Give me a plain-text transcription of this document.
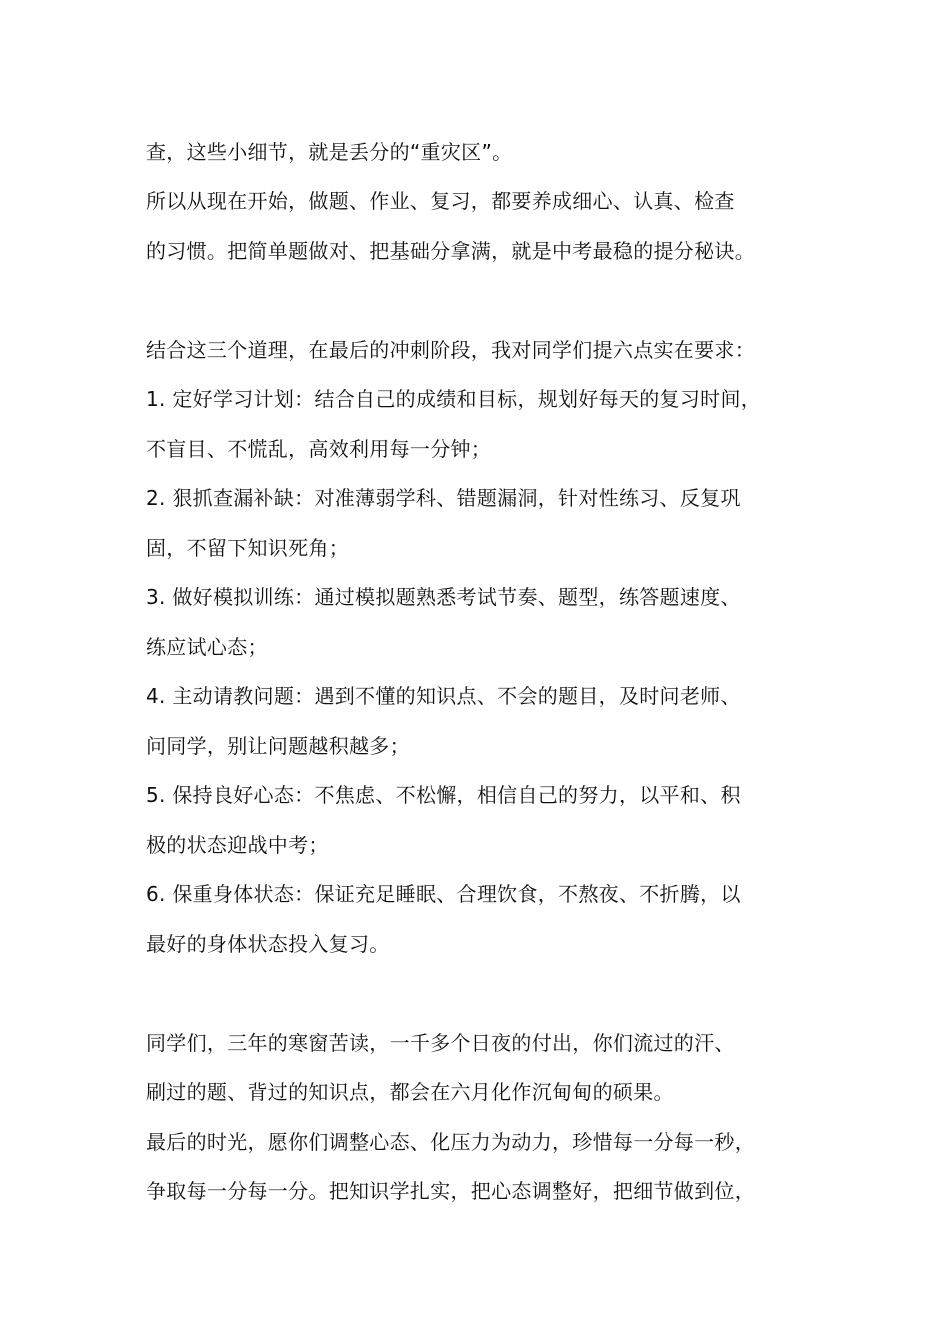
查，这些小细节，就是丢分的“重灾区”。
所以从现在开始，做题、作业、复习，都要养成细心、认真、检查
的习惯。把简单题做对、把基础分拿满，就是中考最稳的提分秘诀。
结合这三个道理，在最后的冲刺阶段，我对同学们提六点实在要求：
1. 定好学习计划：结合自己的成绩和目标，规划好每天的复习时间，
不盲目、不慌乱，高效利用每一分钟；
2. 狠抓查漏补缺：对准薄弱学科、错题漏洞，针对性练习、反复巩
固，不留下知识死角；
3. 做好模拟训练：通过模拟题熟悉考试节奏、题型，练答题速度、
练应试心态；
4. 主动请教问题：遇到不懂的知识点、不会的题目，及时问老师、
问同学，别让问题越积越多；
5. 保持良好心态：不焦虑、不松懈，相信自己的努力，以平和、积
极的状态迎战中考；
6. 保重身体状态：保证充足睡眠、合理饮食，不熬夜、不折腾，以
最好的身体状态投入复习。
同学们，三年的寒窗苦读，一千多个日夜的付出，你们流过的汗、
刷过的题、背过的知识点，都会在六月化作沉甸甸的硕果。
最后的时光，愿你们调整心态、化压力为动力，珍惜每一分每一秒，
争取每一分每一分。把知识学扎实，把心态调整好，把细节做到位，
